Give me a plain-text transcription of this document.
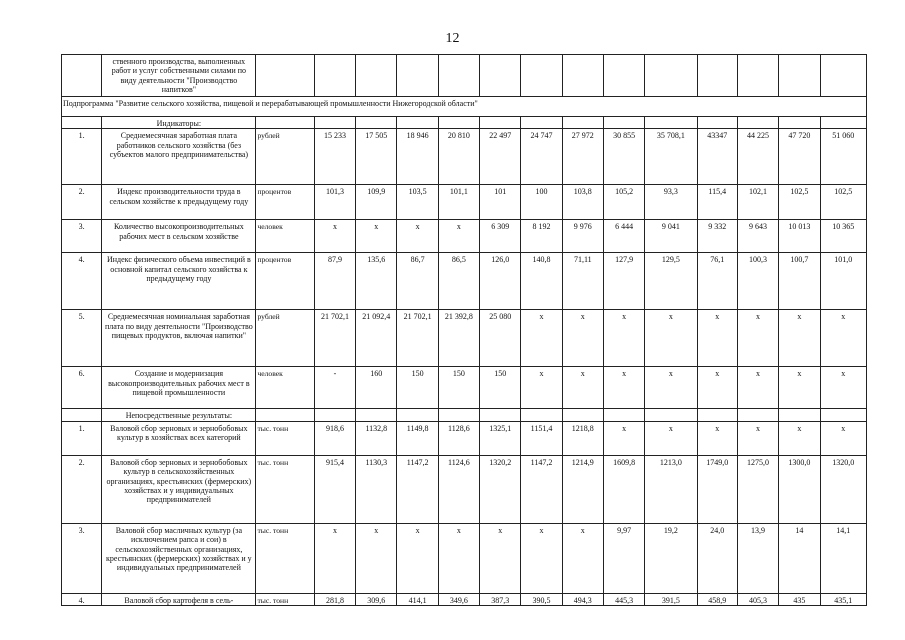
12
	ственного производства, выполненных работ и услуг собственными силами по виду деятельности "Производство напитков"														
Подпрограмма "Развитие сельского хозяйства, пищевой и перерабатывающей промышленности Нижегородской области"															
	Индикаторы:														
1.	Среднемесячная заработная плата работников сельского хозяйства (без субъектов малого предпринимательства)	рублей	15 233	17 505	18 946	20 810	22 497	24 747	27 972	30 855	35 708,1	43347	44 225	47 720	51 060
2.	Индекс производительности труда в сельском хозяйстве к предыдущему году	процентов	101,3	109,9	103,5	101,1	101	100	103,8	105,2	93,3	115,4	102,1	102,5	102,5
3.	Количество высокопроизводительных рабочих мест в сельском хозяйстве	человек	х	х	х	х	6 309	8 192	9 976	6 444	9 041	9 332	9 643	10 013	10 365
4.	Индекс физического объема инвестиций в основной капитал сельского хозяйства к предыдущему году	процентов	87,9	135,6	86,7	86,5	126,0	140,8	71,11	127,9	129,5	76,1	100,3	100,7	101,0
5.	Среднемесячная номинальная заработная плата по виду деятельности "Производство пищевых продуктов, включая напитки"	рублей	21 702,1	21 092,4	21 702,1	21 392,8	25 080	х	х	х	х	х	х	х	х
6.	Создание и модернизация высокопроизводительных рабочих мест в пищевой промышленности	человек	-	160	150	150	150	х	х	х	х	х	х	х	х
	Непосредственные результаты:														
1.	Валовой сбор зерновых и зернобобовых культур в хозяйствах всех категорий	тыс. тонн	918,6	1132,8	1149,8	1128,6	1325,1	1151,4	1218,8	х	х	х	х	х	х
2.	Валовой сбор зерновых и зернобобовых культур в сельскохозяйственных организациях, крестьянских (фермерских) хозяйствах и у индивидуальных предпринимателей	тыс. тонн	915,4	1130,3	1147,2	1124,6	1320,2	1147,2	1214,9	1609,8	1213,0	1749,0	1275,0	1300,0	1320,0
3.	Валовой сбор масличных культур (за исключением рапса и сои) в сельскохозяйственных организациях, крестьянских (фермерских) хозяйствах и у индивидуальных предпринимателей	тыс. тонн	х	х	х	х	х	х	х	9,97	19,2	24,0	13,9	14	14,1
4.	Валовой сбор картофеля в сель-	тыс. тонн	281,8	309,6	414,1	349,6	387,3	390,5	494,3	445,3	391,5	458,9	405,3	435	435,1
